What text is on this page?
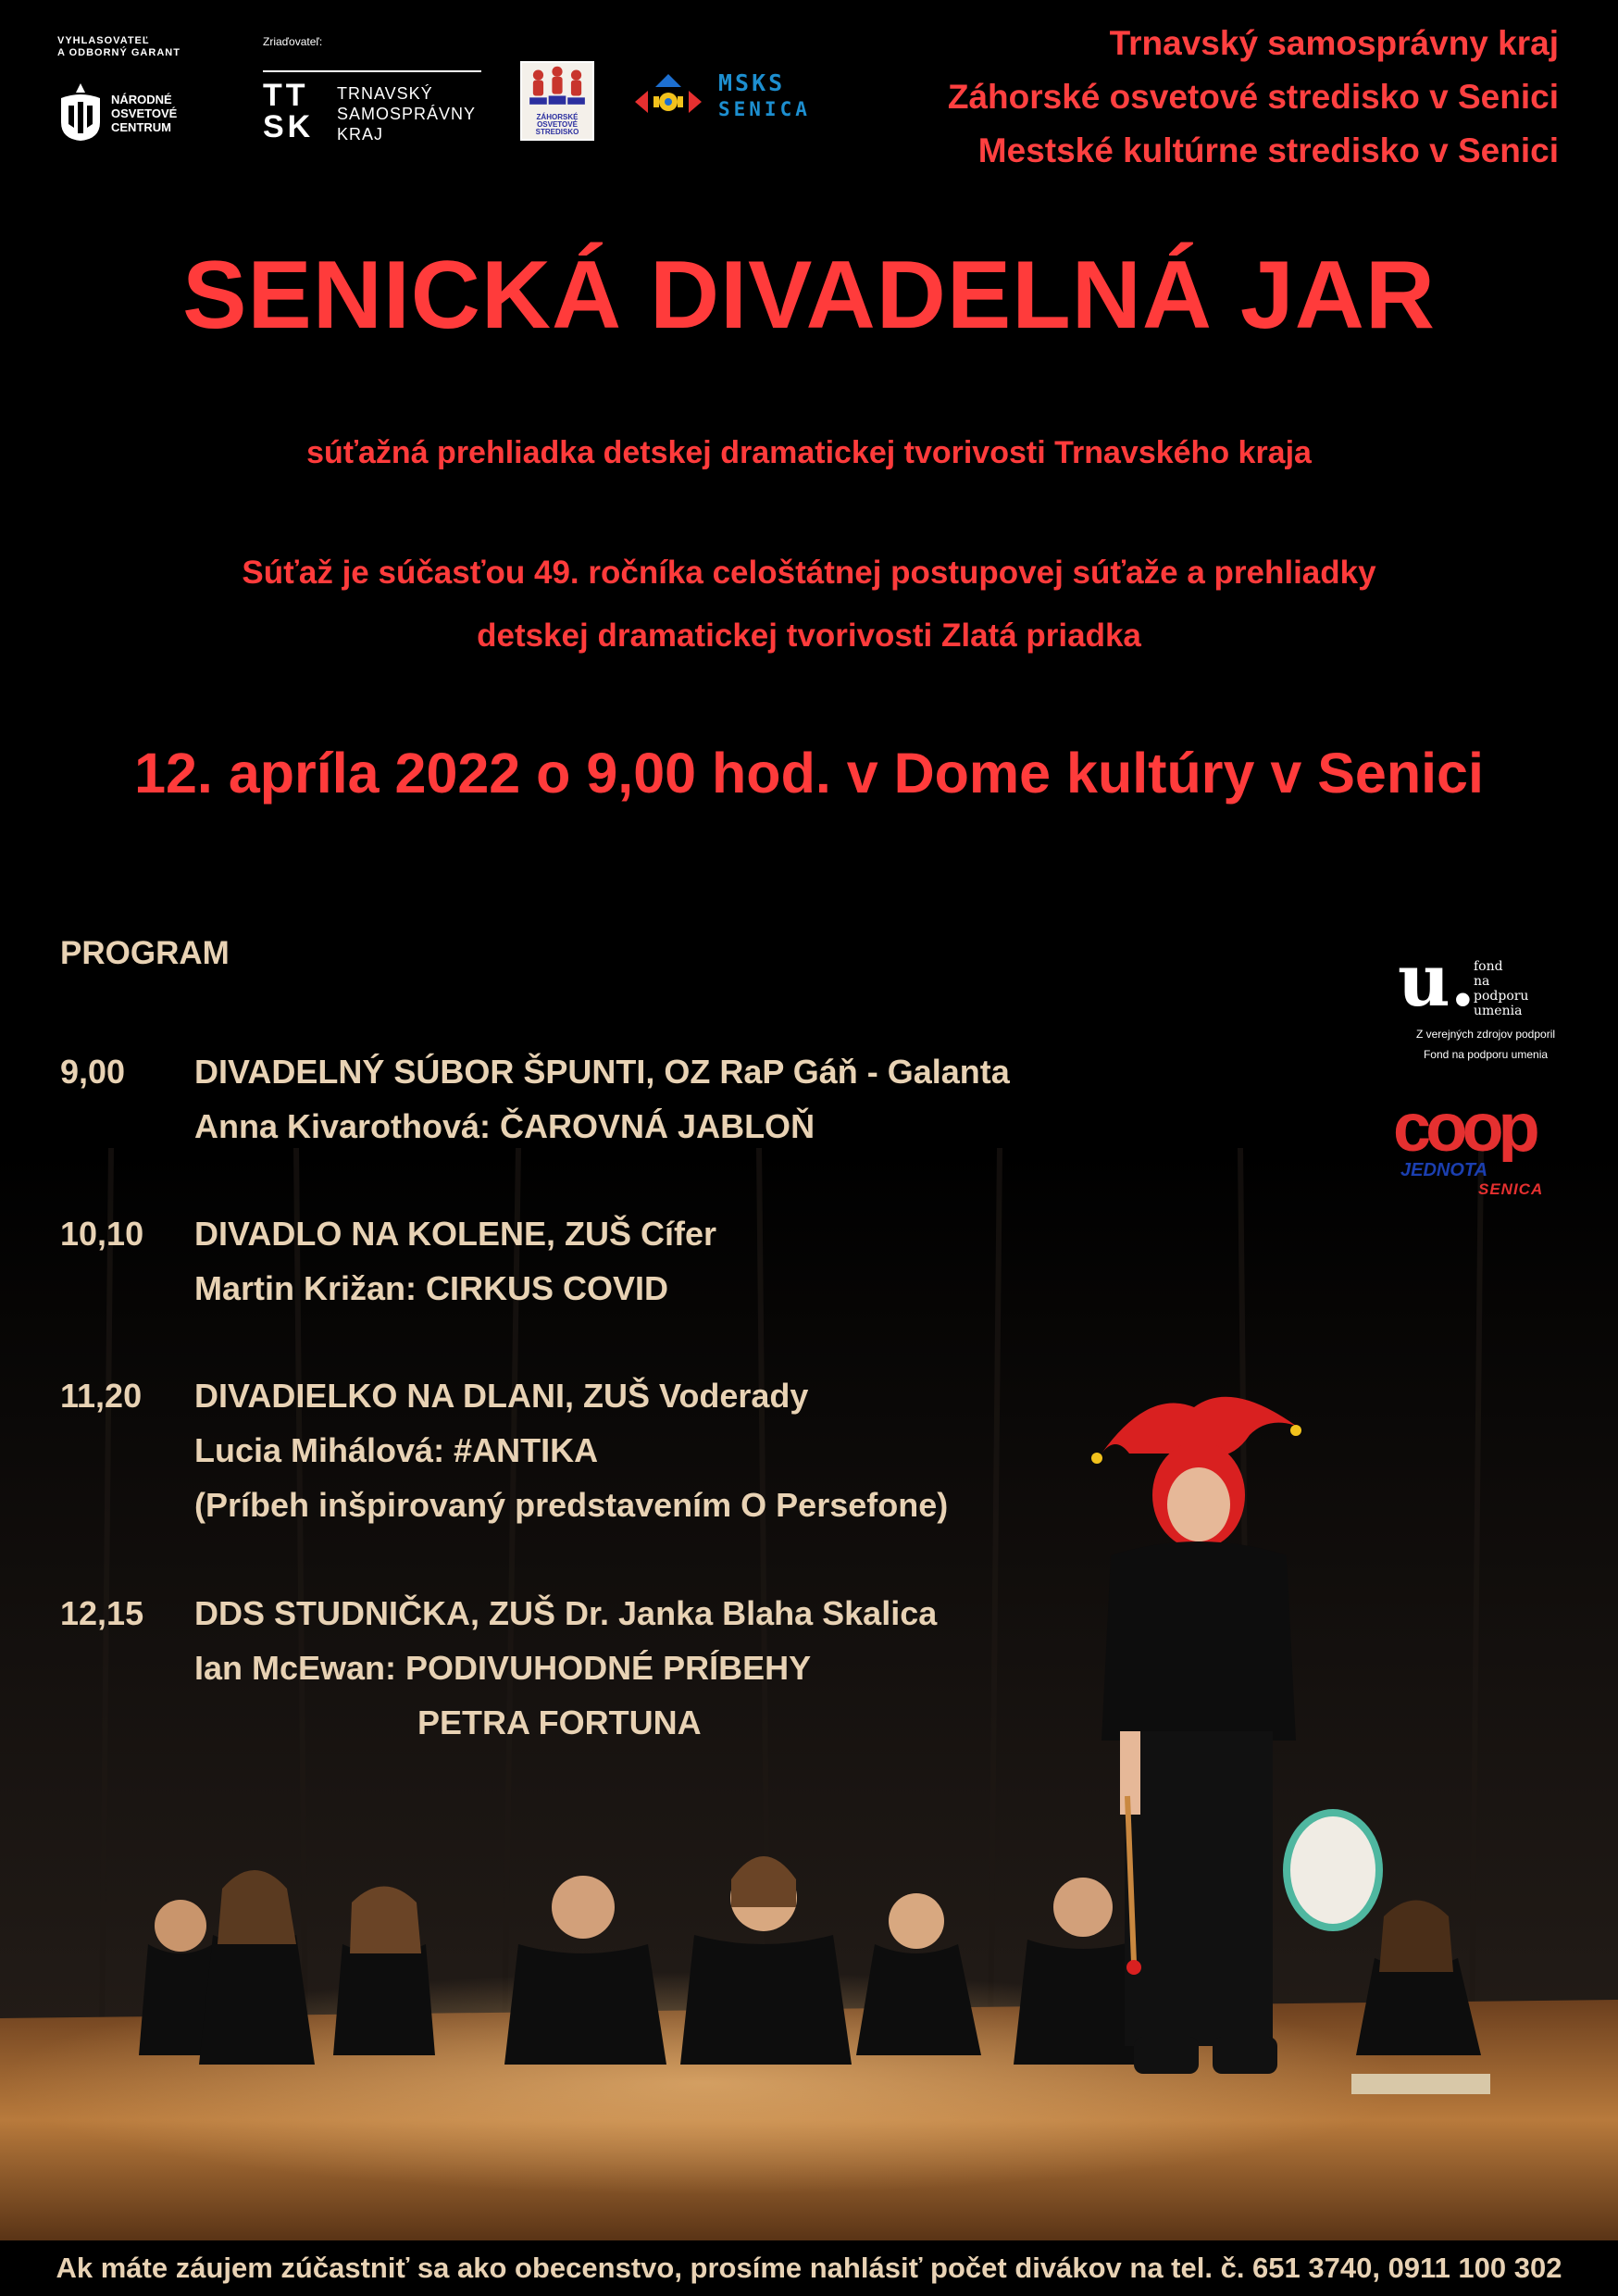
VYHLASOVATEĽ
A ODBORNÝ GARANT
NÁRODNÉ
OSVETOVÉ
CENTRUM
Zriaďovateľ:
TT
SK
TRNAVSKÝ
SAMOSPRÁVNY
KRAJ
ZÁHORSKÉ
OSVETOVÉ
STREDISKO
MSKS
SENICA
Trnavský samosprávny kraj
Záhorské osvetové stredisko v Senici
Mestské kultúrne stredisko v Senici
SENICKÁ DIVADELNÁ JAR
súťažná prehliadka detskej dramatickej tvorivosti Trnavského kraja
Súťaž je súčasťou 49. ročníka celoštátnej postupovej súťaže a prehliadky
detskej dramatickej tvorivosti Zlatá priadka
12. apríla 2022 o 9,00 hod. v Dome kultúry v Senici
PROGRAM
9,00	DIVADELNÝ SÚBOR ŠPUNTI, OZ RaP Gáň - Galanta
Anna Kivarothová: ČAROVNÁ JABLOŇ
10,10	DIVADLO NA KOLENE, ZUŠ Cífer
Martin Križan: CIRKUS COVID
11,20	DIVADIELKO NA DLANI, ZUŠ Voderady
Lucia Mihálová: #ANTIKA
(Príbeh inšpirovaný predstavením O Persefone)
12,15	DDS STUDNIČKA, ZUŠ Dr. Janka Blaha Skalica
Ian McEwan: PODIVUHODNÉ PRÍBEHY
PETRA FORTUNA
u.
fond
na podporu
umenia
Z verejných zdrojov podporil
Fond na podporu umenia
coop
JEDNOTA
SENICA
Ak máte záujem zúčastniť sa ako obecenstvo, prosíme nahlásiť počet divákov na tel. č. 651 3740, 0911 100 302
